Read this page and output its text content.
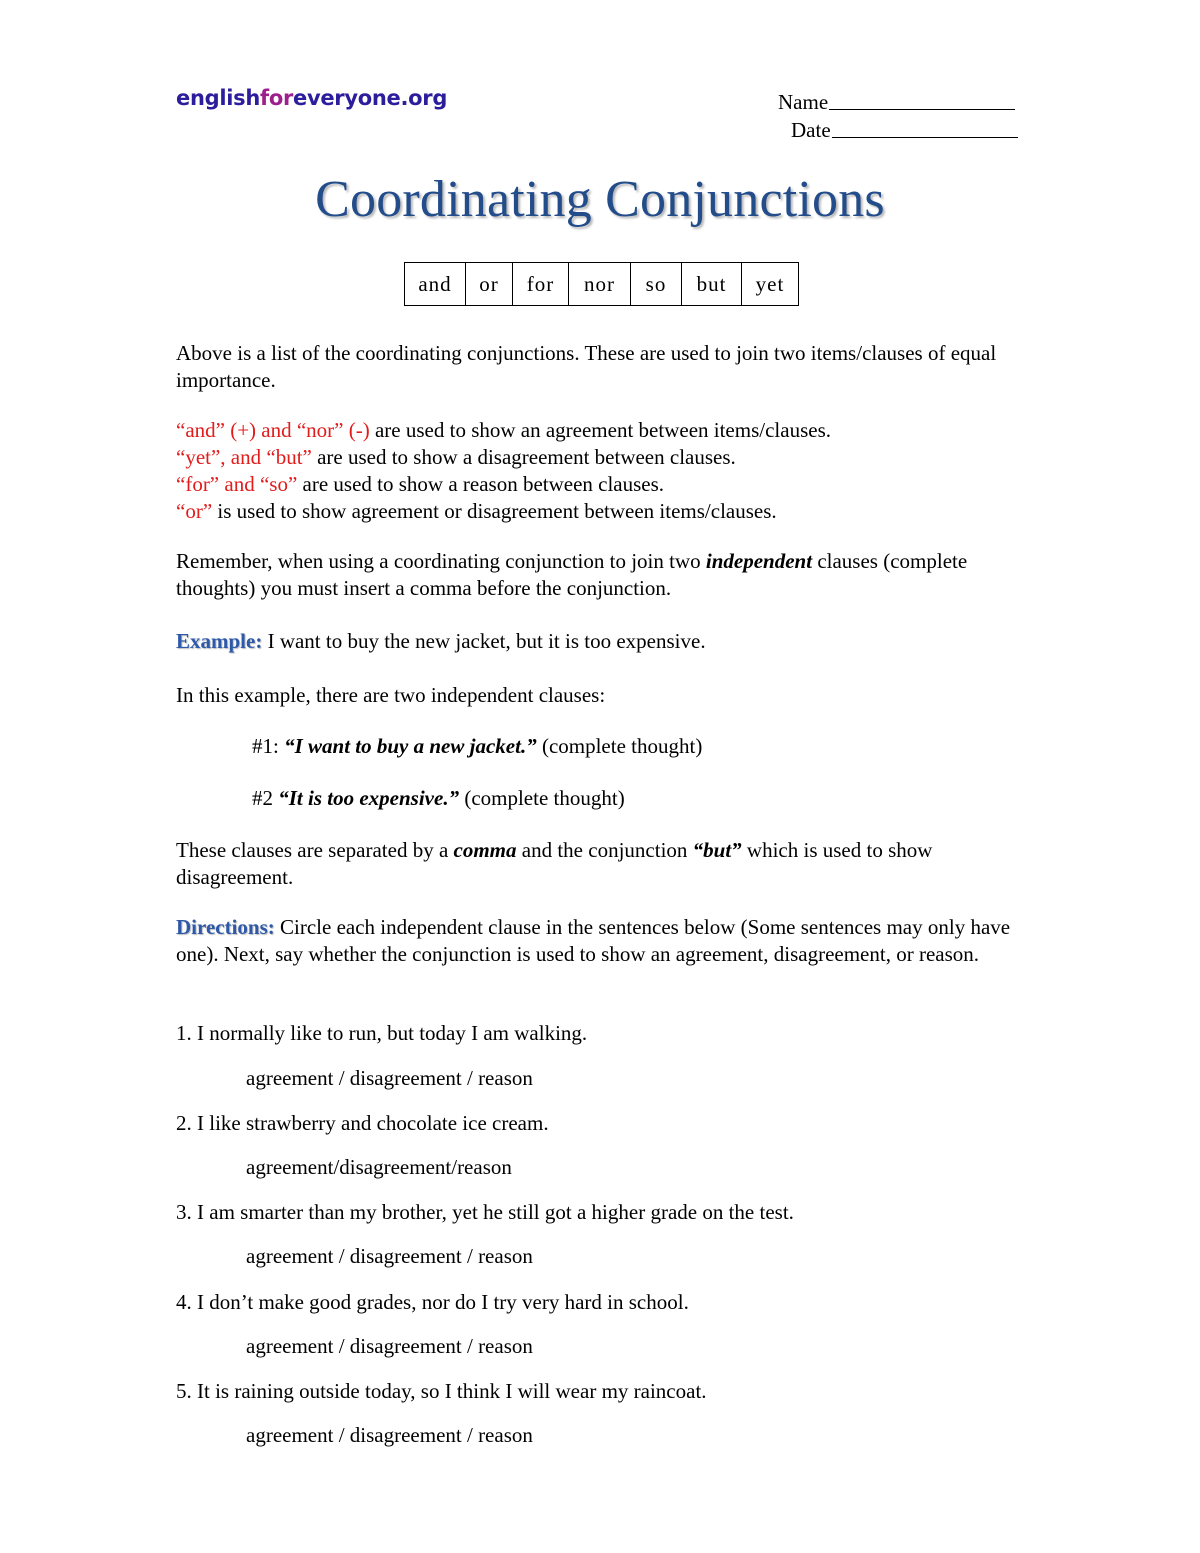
englishforeveryone.org	Name
Date
Coordinating Conjunctions
and	or	for	nor	so	but	yet
Above is a list of the coordinating conjunctions. These are used to join two items/clauses of equal importance.
“and” (+) and “nor” (-) are used to show an agreement between items/clauses.
“yet”, and “but” are used to show a disagreement between clauses.
“for” and “so” are used to show a reason between clauses.
“or” is used to show agreement or disagreement between items/clauses.
Remember, when using a coordinating conjunction to join two independent clauses (complete thoughts) you must insert a comma before the conjunction.
Example: I want to buy the new jacket, but it is too expensive.
In this example, there are two independent clauses:
#1: “I want to buy a new jacket.” (complete thought)
#2 “It is too expensive.” (complete thought)
These clauses are separated by a comma and the conjunction “but” which is used to show disagreement.
Directions: Circle each independent clause in the sentences below (Some sentences may only have one). Next, say whether the conjunction is used to show an agreement, disagreement, or reason.
1. I normally like to run, but today I am walking.
agreement / disagreement / reason
2. I like strawberry and chocolate ice cream.
agreement/disagreement/reason
3. I am smarter than my brother, yet he still got a higher grade on the test.
agreement / disagreement / reason
4. I don’t make good grades, nor do I try very hard in school.
agreement / disagreement / reason
5. It is raining outside today, so I think I will wear my raincoat.
agreement / disagreement / reason
